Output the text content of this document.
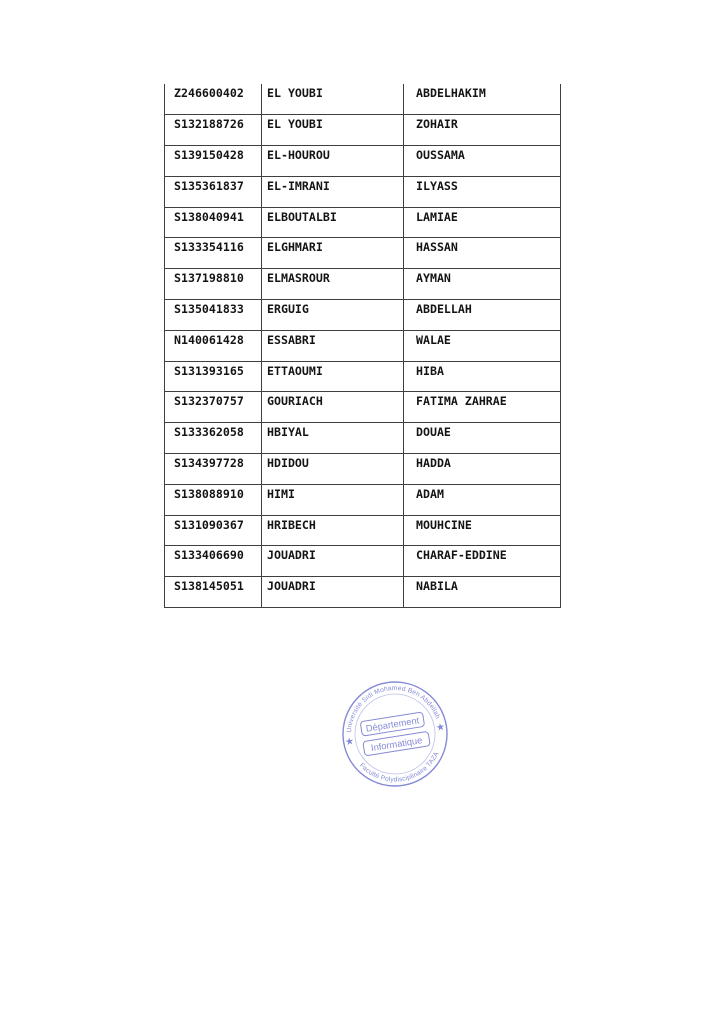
Z246600402	EL YOUBI	ABDELHAKIM
S132188726	EL YOUBI	ZOHAIR
S139150428	EL-HOUROU	OUSSAMA
S135361837	EL-IMRANI	ILYASS
S138040941	ELBOUTALBI	LAMIAE
S133354116	ELGHMARI	HASSAN
S137198810	ELMASROUR	AYMAN
S135041833	ERGUIG	ABDELLAH
N140061428	ESSABRI	WALAE
S131393165	ETTAOUMI	HIBA
S132370757	GOURIACH	FATIMA ZAHRAE
S133362058	HBIYAL	DOUAE
S134397728	HDIDOU	HADDA
S138088910	HIMI	ADAM
S131090367	HRIBECH	MOUHCINE
S133406690	JOUADRI	CHARAF-EDDINE
S138145051	JOUADRI	NABILA
Université Sidi Mohamed Ben Abdellah
Faculté Polydisciplinaire TAZA
★
★
Département
Informatique
